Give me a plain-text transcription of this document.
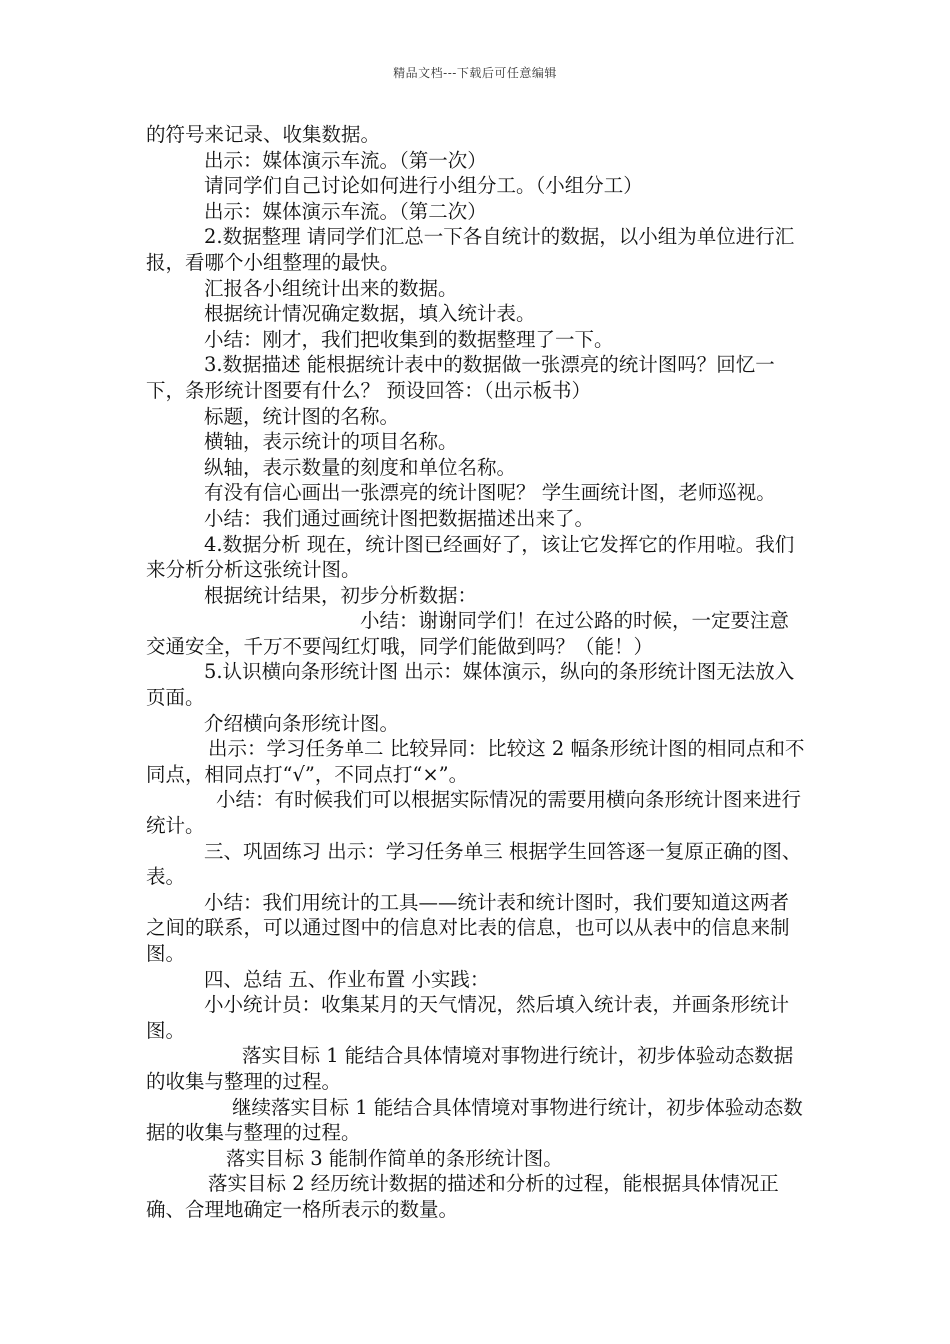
精品文档---下载后可任意编辑

的符号来记录、收集数据。

出示：媒体演示车流。（第一次）

请同学们自己讨论如何进行小组分工。（小组分工）

出示：媒体演示车流。（第二次）

2.数据整理 请同学们汇总一下各自统计的数据，以小组为单位进行汇报，看哪个小组整理的最快。

汇报各小组统计出来的数据。

根据统计情况确定数据，填入统计表。

小结：刚才，我们把收集到的数据整理了一下。

3.数据描述 能根据统计表中的数据做一张漂亮的统计图吗？回忆一下，条形统计图要有什么？ 预设回答：（出示板书）

标题，统计图的名称。

横轴，表示统计的项目名称。

纵轴，表示数量的刻度和单位名称。

有没有信心画出一张漂亮的统计图呢？ 学生画统计图，老师巡视。

小结：我们通过画统计图把数据描述出来了。

4.数据分析 现在，统计图已经画好了，该让它发挥它的作用啦。我们来分析分析这张统计图。

根据统计结果，初步分析数据：

小结：谢谢同学们！在过公路的时候，一定要注意交通安全，千万不要闯红灯哦，同学们能做到吗？（能！）

5.认识横向条形统计图 出示：媒体演示，纵向的条形统计图无法放入页面。

介绍横向条形统计图。

出示：学习任务单二 比较异同：比较这 2 幅条形统计图的相同点和不同点，相同点打“√”，不同点打“×”。

小结：有时候我们可以根据实际情况的需要用横向条形统计图来进行统计。

三、巩固练习 出示：学习任务单三 根据学生回答逐一复原正确的图、表。

小结：我们用统计的工具——统计表和统计图时，我们要知道这两者之间的联系，可以通过图中的信息对比表的信息，也可以从表中的信息来制图。

四、总结 五、作业布置 小实践：

小小统计员：收集某月的天气情况，然后填入统计表，并画条形统计图。

落实目标 1 能结合具体情境对事物进行统计，初步体验动态数据的收集与整理的过程。

继续落实目标 1 能结合具体情境对事物进行统计，初步体验动态数据的收集与整理的过程。

落实目标 3 能制作简单的条形统计图。

落实目标 2 经历统计数据的描述和分析的过程，能根据具体情况正确、合理地确定一格所表示的数量。
